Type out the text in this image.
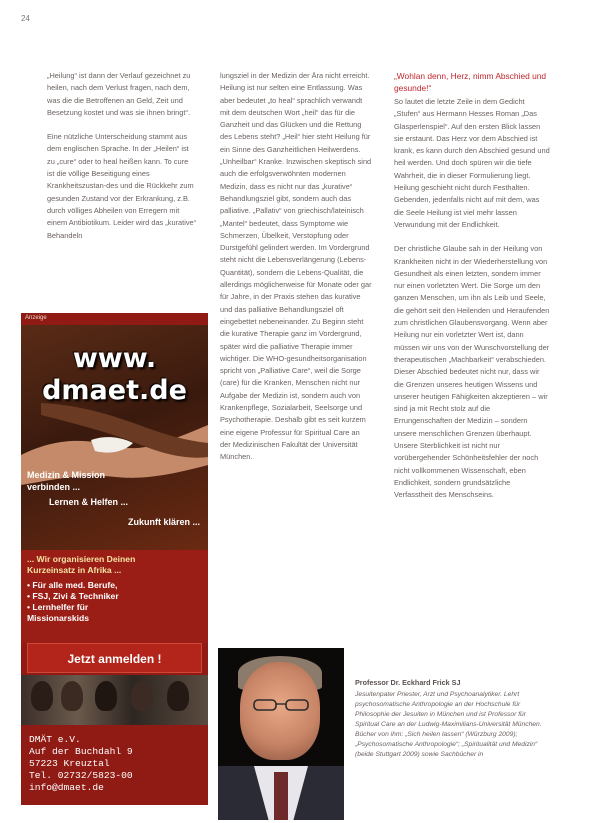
24

„Heilung“ ist dann der Verlauf gezeichnet zu heilen, nach dem Verlust fragen, nach dem, was die die Betroffenen an Geld, Zeit und Besetzung kostet und was sie ihnen bringt“.

Eine nützliche Unterscheidung stammt aus dem englischen Sprache. In der „Heilen“ ist zu „cure“ oder to heal heißen kann. To cure ist die völlige Beseitigung eines Krankheitszustan-des und die Rückkehr zum gesunden Zustand vor der Erkrankung, z.B. durch völliges Abheilen von Erregern mit einem Antibiotikum. Leider wird das „kurative“ Behandeln

lungsziel in der Medizin der Ära nicht erreicht. Heilung ist nur selten eine Entlassung. Was aber bedeutet „to heal“ sprachlich verwandt mit dem deutschen Wort „heil“ das für die Ganzheit und das Glücken und die Rettung des Lebens steht? „Heil“ hier steht Heilung für ein Sinne des Ganzheitlichen Heilwerdens. „Unheilbar“ Kranke. Inzwischen skeptisch sind auch die erfolgsverwöhnten modernen Medizin, dass es nicht nur das „kurative“ Behandlungsziel gibt, sondern auch das palliative. „Pallativ“ von griechisch/lateinisch „Mantel“ bedeutet, dass Symptome wie Schmerzen, Übelkeit, Verstopfung oder Durstgefühl gelindert werden. Im Vordergrund steht nicht die Lebensverlängerung (Lebens-Quantität), sondern die Lebens-Qualität, die allerdings möglicherweise für Monate oder gar für Jahre, in der Praxis stehen das kurative und das palliative Behandlungsziel oft eingebettet nebeneinander. Zu Beginn steht die kurative Therapie ganz im Vordergrund, später wird die palliative Therapie immer wichtiger. Die WHO-gesundheitsorganisation spricht von „Palliative Care“, weil die Sorge (care) für die Kranken, Menschen nicht nur Aufgabe der Medizin ist, sondern auch von Krankenpflege, Sozialarbeit, Seelsorge und Psychotherapie. Deshalb gibt es seit kurzem eine eigene Professur für Spiritual Care an der Medizinischen Fakultät der Universität München.

„Wohlan denn, Herz, nimm Abschied und gesunde!“

So lautet die letzte Zeile in dem Gedicht „Stufen“ aus Hermann Hesses Roman „Das Glasperlenspiel“. Auf den ersten Blick lassen sie erstaunt. Das Herz vor dem Abschied ist krank, es kann durch den Abschied gesund und heil werden. Und doch spüren wir die tiefe Wahrheit, die in dieser Formulierung liegt. Heilung geschieht nicht durch Festhalten. Gebenden, jedenfalls nicht auf mit dem, was die Seele Heilung ist viel mehr lassen Verwundung mit der Endlichkeit.

Der christliche Glaube sah in der Heilung von Krankheiten nicht in der Wiederherstellung von Gesundheit als einen letzten, sondern immer nur einen vorletzten Wert. Die Sorge um den ganzen Menschen, um ihn als Leib und Seele, die gehört seit den Heilenden und Heraufenden zum christlichen Glaubensvorgang. Wenn aber Heilung nur ein vorletzter Wert ist, dann müssen wir uns von der Wunschvorstellung der therapeutischen „Machbarkeit“ verabschieden. Dieser Abschied bedeutet nicht nur, dass wir die Grenzen unseres heutigen Wissens und unserer heutigen Fähigkeiten akzeptieren – wir sind ja mit Recht stolz auf die Errungenschaften der Medizin – sondern unsere menschlichen Grenzen überhaupt. Unsere Sterblichkeit ist nicht nur vorübergehender Schönheitsfehler der noch nicht vollkommenen Wissenschaft, eben Endlichkeit, sondern grundsätzliche Verfasstheit des Menschseins.

Anzeige
www.
dmaet.de
Medizin & Mission
verbinden ...
Lernen & Helfen ...
Zukunft klären ...
... Wir organisieren Deinen
Kurzeinsatz in Afrika ...
• Für alle med. Berufe,
• FSJ, Zivi & Techniker
• Lernhelfer für
Missionarskids
Jetzt anmelden !
DMÄT e.V.
Auf der Buchdahl 9
57223 Kreuztal
Tel. 02732/5823-00
info@dmaet.de
Professor Dr. Eckhard Frick SJ
Jesuitenpater Priester, Arzt und Psychoanalytiker. Lehrt psychosomatische Anthropologie an der Hochschule für Philosophie der Jesuiten in München und ist Professor für Spiritual Care an der Ludwig-Maximilians-Universität München. Bücher von ihm: „Sich heilen lassen“ (Würzburg 2009); „Psychosomatische Anthropologie“; „Spiritualität und Medizin“ (beide Stuttgart 2009) sowie Sachbücher in
